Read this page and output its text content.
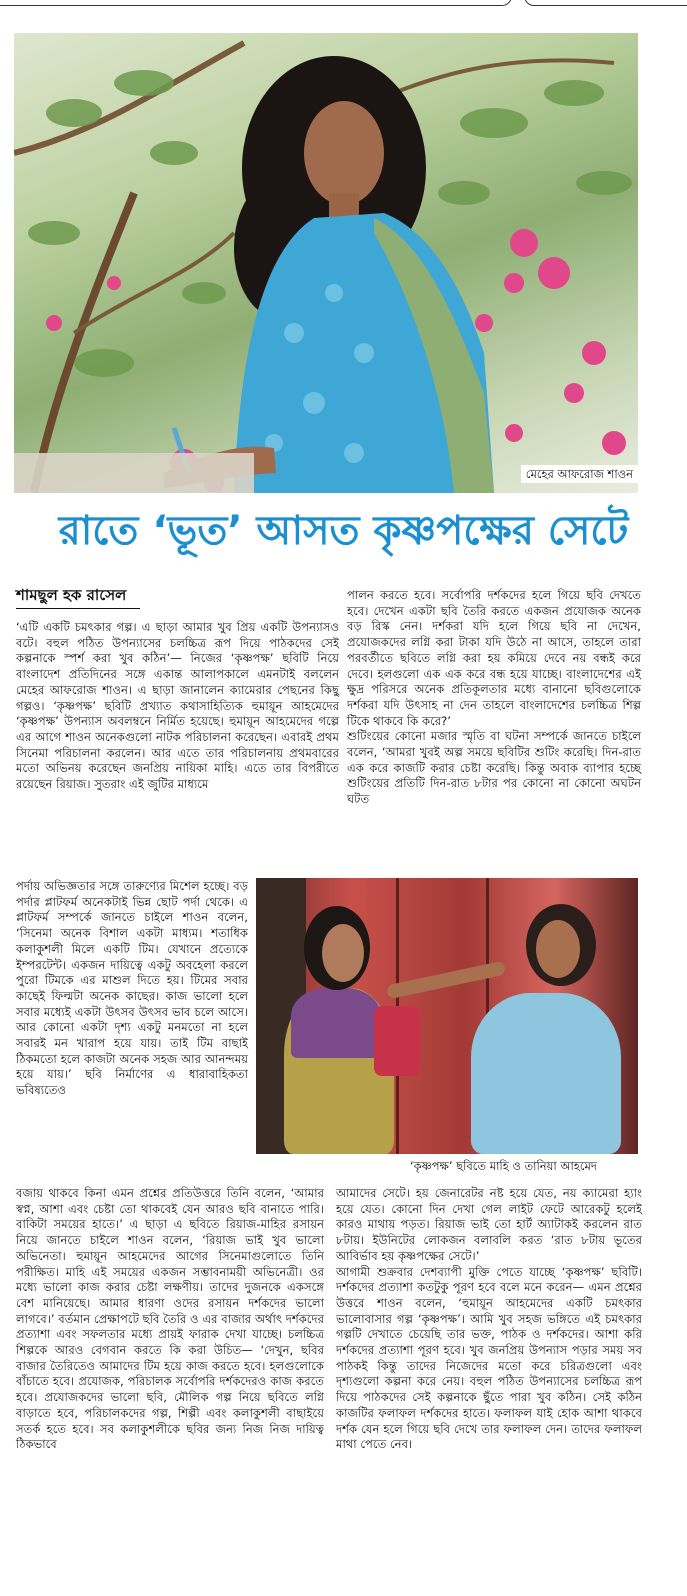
মেহের আফরোজ শাওন
রাতে ‘ভূত’ আসত কৃষ্ণপক্ষের সেটে
শামছুল হক রাসেল

‘এটি একটি চমৎকার গল্প। এ ছাড়া আমার খুব প্রিয় একটি উপন্যাসও বটে। বহুল পঠিত উপন্যাসের চলচ্চিত্র রূপ দিয়ে পাঠকদের সেই কল্পনাকে স্পর্শ করা খুব কঠিন’— নিজের ‘কৃষ্ণপক্ষ’ ছবিটি নিয়ে বাংলাদেশ প্রতিদিনের সঙ্গে একান্ত আলাপকালে এমনটাই বললেন মেহের আফরোজ শাওন। এ ছাড়া জানালেন ক্যামেরার পেছনের কিছু গল্পও। ‘কৃষ্ণপক্ষ’ ছবিটি প্রখ্যাত কথাসাহিত্যিক হুমায়ূন আহমেদের ‘কৃষ্ণপক্ষ’ উপন্যাস অবলম্বনে নির্মিত হয়েছে। হুমায়ূন আহমেদের গল্পে এর আগে শাওন অনেকগুলো নাটক পরিচালনা করেছেন। এবারই প্রথম সিনেমা পরিচালনা করলেন। আর এতে তার পরিচালনায় প্রথমবারের মতো অভিনয় করেছেন জনপ্রিয় নায়িকা মাহি। এতে তার বিপরীতে রয়েছেন রিয়াজ। সুতরাং এই জুটির মাধ্যমে

পর্দায় অভিজ্ঞতার সঙ্গে তারুণ্যের মিশেল হচ্ছে। বড় পর্দার প্লাটফর্ম অনেকটাই ভিন্ন ছোট পর্দা থেকে। এ প্লাটফর্ম সম্পর্কে জানতে চাইলে শাওন বলেন, ‘সিনেমা অনেক বিশাল একটা মাধ্যম। শতাধিক কলাকুশলী মিলে একটি টিম। যেখানে প্রত্যেকে ইম্পরটেন্ট। একজন দায়িত্বে একটু অবহেলা করলে পুরো টিমকে এর মাশুল দিতে হয়। টিমের সবার কাছেই ফিল্মটা অনেক কাছের। কাজ ভালো হলে সবার মধ্যেই একটা উৎসব উৎসব ভাব চলে আসে। আর কোনো একটা দৃশ্য একটু মনমতো না হলে সবারই মন খারাপ হয়ে যায়। তাই টিম বাছাই ঠিকমতো হলে কাজটা অনেক সহজ আর আনন্দময় হয়ে যায়।’ ছবি নির্মাণের এ ধারাবাহিকতা ভবিষ্যতেও

বজায় থাকবে কিনা এমন প্রশ্নের প্রতিউত্তরে তিনি বলেন, ‘আমার স্বপ্ন, আশা এবং চেষ্টা তো থাকবেই যেন আরও ছবি বানাতে পারি। বাকিটা সময়ের হাতে।’ এ ছাড়া এ ছবিতে রিয়াজ-মাহির রসায়ন নিয়ে জানতে চাইলে শাওন বলেন, ‘রিয়াজ ভাই খুব ভালো অভিনেতা। হুমায়ূন আহমেদের আগের সিনেমাগুলোতে তিনি পরীক্ষিত। মাহি এই সময়ের একজন সম্ভাবনাময়ী অভিনেত্রী। ওর মধ্যে ভালো কাজ করার চেষ্টা লক্ষণীয়। তাদের দুজনকে একসঙ্গে বেশ মানিয়েছে। আমার ধারণা ওদের রসায়ন দর্শকদের ভালো লাগবে।’ বর্তমান প্রেক্ষাপটে ছবি তৈরি ও এর বাজার অর্থাৎ দর্শকদের প্রত্যাশা এবং সফলতার মধ্যে প্রায়ই ফারাক দেখা যাচ্ছে। চলচ্চিত্র শিল্পকে আরও বেগবান করতে কি করা উচিত— ‘দেখুন, ছবির বাজার তৈরিতেও আমাদের টিম হয়ে কাজ করতে হবে। হলগুলোকে বাঁচাতে হবে। প্রযোজক, পরিচালক সর্বোপরি দর্শকদেরও কাজ করতে হবে। প্রযোজকদের ভালো ছবি, মৌলিক গল্প নিয়ে ছবিতে লগ্নি বাড়াতে হবে, পরিচালকদের গল্প, শিল্পী এবং কলাকুশলী বাছাইয়ে সতর্ক হতে হবে। সব কলাকুশলীকে ছবির জন্য নিজ নিজ দায়িত্ব ঠিকভাবে

পালন করতে হবে। সর্বোপরি দর্শকদের হলে গিয়ে ছবি দেখতে হবে। দেখেন একটা ছবি তৈরি করতে একজন প্রযোজক অনেক বড় রিস্ক নেন। দর্শকরা যদি হলে গিয়ে ছবি না দেখেন, প্রযোজকদের লগ্নি করা টাকা যদি উঠে না আসে, তাহলে তারা পরবর্তীতে ছবিতে লগ্নি করা হয় কমিয়ে দেবে নয় বন্ধই করে দেবে। হলগুলো এক এক করে বন্ধ হয়ে যাচ্ছে। বাংলাদেশের এই ক্ষুদ্র পরিসরে অনেক প্রতিকূলতার মধ্যে বানানো ছবিগুলোকে দর্শকরা যদি উৎসাহ না দেন তাহলে বাংলাদেশের চলচ্চিত্র শিল্প টিকে থাকবে কি করে?’

শুটিংয়ের কোনো মজার স্মৃতি বা ঘটনা সম্পর্কে জানতে চাইলে বলেন, ‘আমরা খুবই অল্প সময়ে ছবিটির শুটিং করেছি। দিন-রাত এক করে কাজটি করার চেষ্টা করেছি। কিন্তু অবাক ব্যাপার হচ্ছে শুটিংয়ের প্রতিটি দিন-রাত ৮টার পর কোনো না কোনো অঘটন ঘটত

‘কৃষ্ণপক্ষ’ ছবিতে মাহি ও তানিয়া আহমেদ

আমাদের সেটে। হয় জেনারেটর নষ্ট হয়ে যেত, নয় ক্যামেরা হ্যাং হয়ে যেত। কোনো দিন দেখা গেল লাইট ফেটে আরেকটু হলেই কারও মাথায় পড়ত। রিয়াজ ভাই তো হার্ট অ্যাটাকই করলেন রাত ৮টায়। ইউনিটের লোকজন বলাবলি করত ‘রাত ৮টায় ভূতের আবির্ভাব হয় কৃষ্ণপক্ষের সেটে।’

আগামী শুক্রবার দেশব্যাপী মুক্তি পেতে যাচ্ছে ‘কৃষ্ণপক্ষ’ ছবিটি। দর্শকদের প্রত্যাশা কতটুকু পূরণ হবে বলে মনে করেন— এমন প্রশ্নের উত্তরে শাওন বলেন, ‘হুমায়ূন আহমেদের একটি চমৎকার ভালোবাসার গল্প ‘কৃষ্ণপক্ষ’। আমি খুব সহজ ভঙ্গিতে এই চমৎকার গল্পটি দেখাতে চেয়েছি তার ভক্ত, পাঠক ও দর্শকদের। আশা করি দর্শকদের প্রত্যাশা পূরণ হবে। খুব জনপ্রিয় উপন্যাস পড়ার সময় সব পাঠকই কিন্তু তাদের নিজেদের মতো করে চরিত্রগুলো এবং দৃশ্যগুলো কল্পনা করে নেয়। বহুল পঠিত উপন্যাসের চলচ্চিত্র রূপ দিয়ে পাঠকদের সেই কল্পনাকে ছুঁতে পারা খুব কঠিন। সেই কঠিন কাজটির ফলাফল দর্শকদের হাতে। ফলাফল যাই হোক আশা থাকবে দর্শক যেন হলে গিয়ে ছবি দেখে তার ফলাফল দেন। তাদের ফলাফল মাথা পেতে নেব।
